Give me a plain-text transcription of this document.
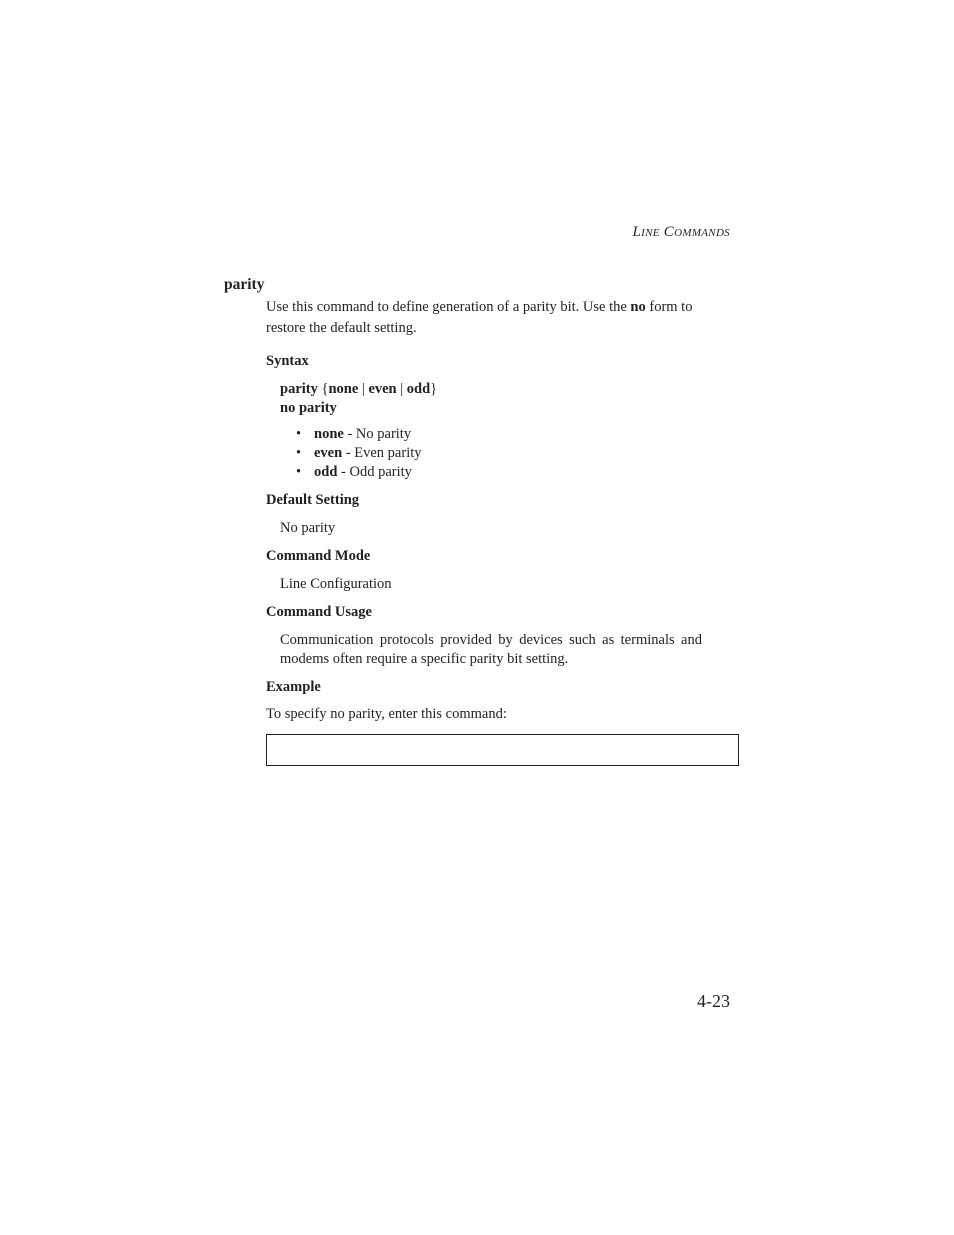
Line Commands
parity
Use this command to define generation of a parity bit. Use the no form to
restore the default setting.
Syntax
parity {none | even | odd}
no parity
• none - No parity
• even - Even parity
• odd - Odd parity
Default Setting
No parity
Command Mode
Line Configuration
Command Usage
Communication protocols provided by devices such as terminals and
modems often require a specific parity bit setting.
Example
To specify no parity, enter this command:
4-23
